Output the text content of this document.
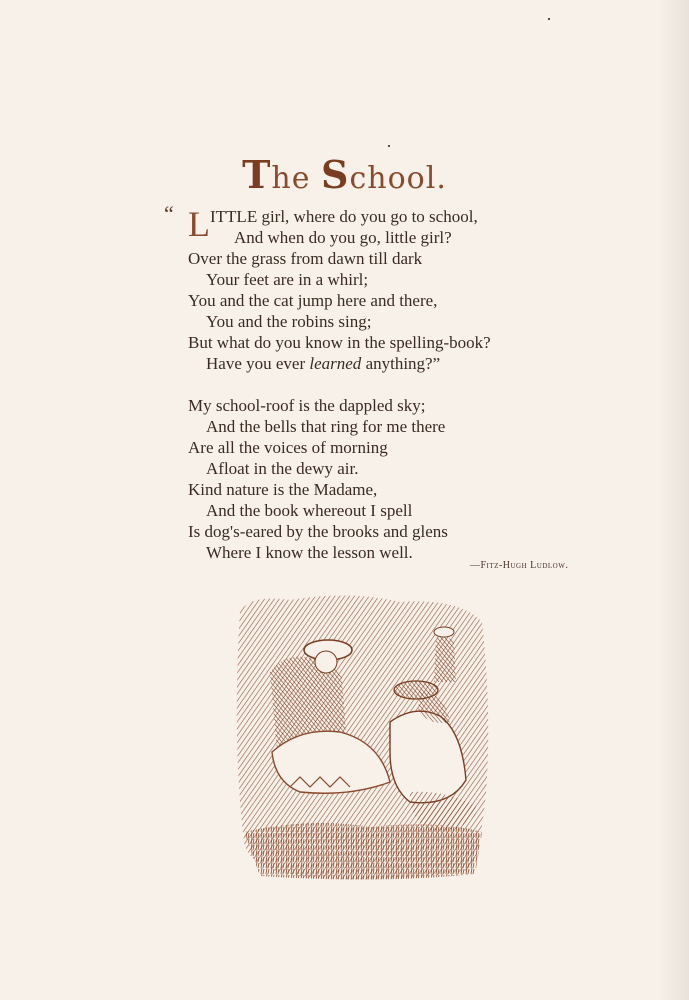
The School.
“ L ITTLE girl, where do you go to school,
And when do you go, little girl?
Over the grass from dawn till dark
Your feet are in a whirl;
You and the cat jump here and there,
You and the robins sing;
But what do you know in the spelling-book?
Have you ever learned anything?”
My school-roof is the dappled sky;
And the bells that ring for me there
Are all the voices of morning
Afloat in the dewy air.
Kind nature is the Madame,
And the book whereout I spell
Is dog's-eared by the brooks and glens
Where I know the lesson well.
—Fitz-Hugh Ludlow.
